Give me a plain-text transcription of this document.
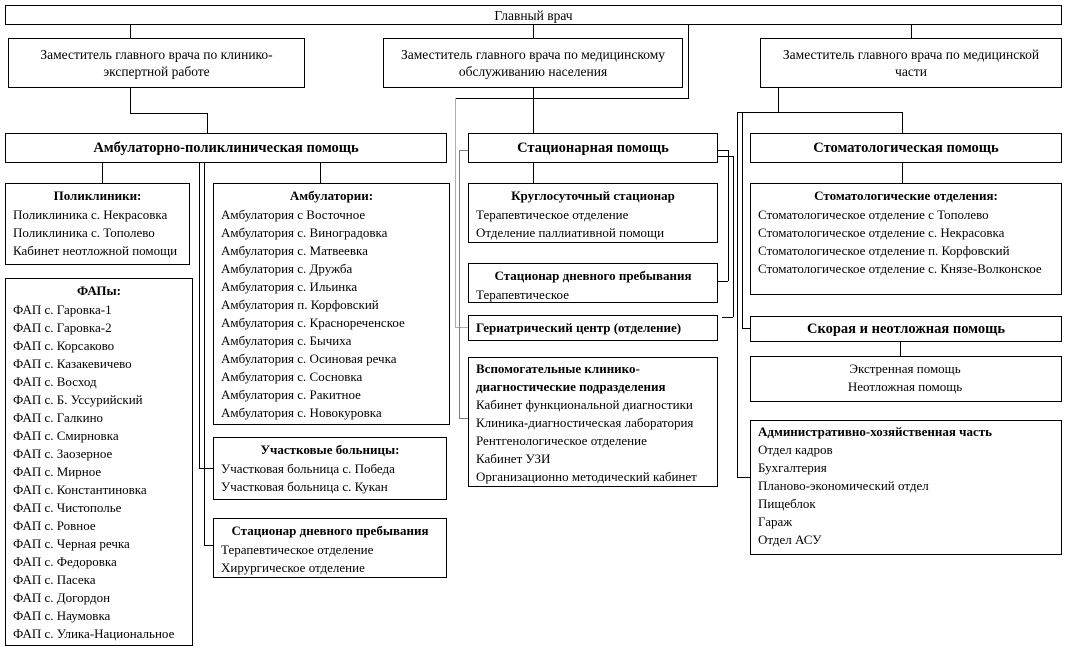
Главный врач
Заместитель главного врача по клинико-экспертной работе
Заместитель главного врача по медицинскому обслуживанию населения
Заместитель главного врача по медицинской части
Амбулаторно-поликлиническая помощь	Стационарная помощь	Стоматологическая помощь
Поликлиники:
Поликлиника с. Некрасовка
Поликлиника с. Тополево
Кабинет неотложной помощи
ФАПы:
ФАП с. Гаровка-1
ФАП с. Гаровка-2
ФАП с. Корсаково
ФАП с. Казакевичево
ФАП с. Восход
ФАП с. Б. Уссурийский
ФАП с. Галкино
ФАП с. Смирновка
ФАП с. Заозерное
ФАП с. Мирное
ФАП с. Константиновка
ФАП с. Чистополье
ФАП с. Ровное
ФАП с. Черная речка
ФАП с. Федоровка
ФАП с. Пасека
ФАП с. Догордон
ФАП с. Наумовка
ФАП с. Улика-Национальное
Амбулатории:
Амбулатория с Восточное
Амбулатория с. Виноградовка
Амбулатория с. Матвеевка
Амбулатория с. Дружба
Амбулатория с. Ильинка
Амбулатория п. Корфовский
Амбулатория с. Краснореченское
Амбулатория с. Бычиха
Амбулатория с. Осиновая речка
Амбулатория с. Сосновка
Амбулатория с. Ракитное
Амбулатория с. Новокуровка
Участковые больницы:
Участковая больница с. Победа
Участковая больница с. Кукан
Стационар дневного пребывания
Терапевтическое отделение
Хирургическое отделение
Круглосуточный стационар
Терапевтическое отделение
Отделение паллиативной помощи
Стационар дневного пребывания
Терапевтическое
Гериатрический центр (отделение)
Вспомогательные клинико-диагностические подразделения
Кабинет функциональной диагностики
Клиника-диагностическая лаборатория
Рентгенологическое отделение
Кабинет УЗИ
Организационно методический кабинет
Стоматологические отделения:
Стоматологическое отделение с Тополево
Стоматологическое отделение с. Некрасовка
Стоматологическое отделение п. Корфовский
Стоматологическое отделение с. Князе-Волконское
Скорая и неотложная помощь
Экстренная помощь
Неотложная помощь
Административно-хозяйственная часть
Отдел кадров
Бухгалтерия
Планово-экономический отдел
Пищеблок
Гараж
Отдел АСУ
